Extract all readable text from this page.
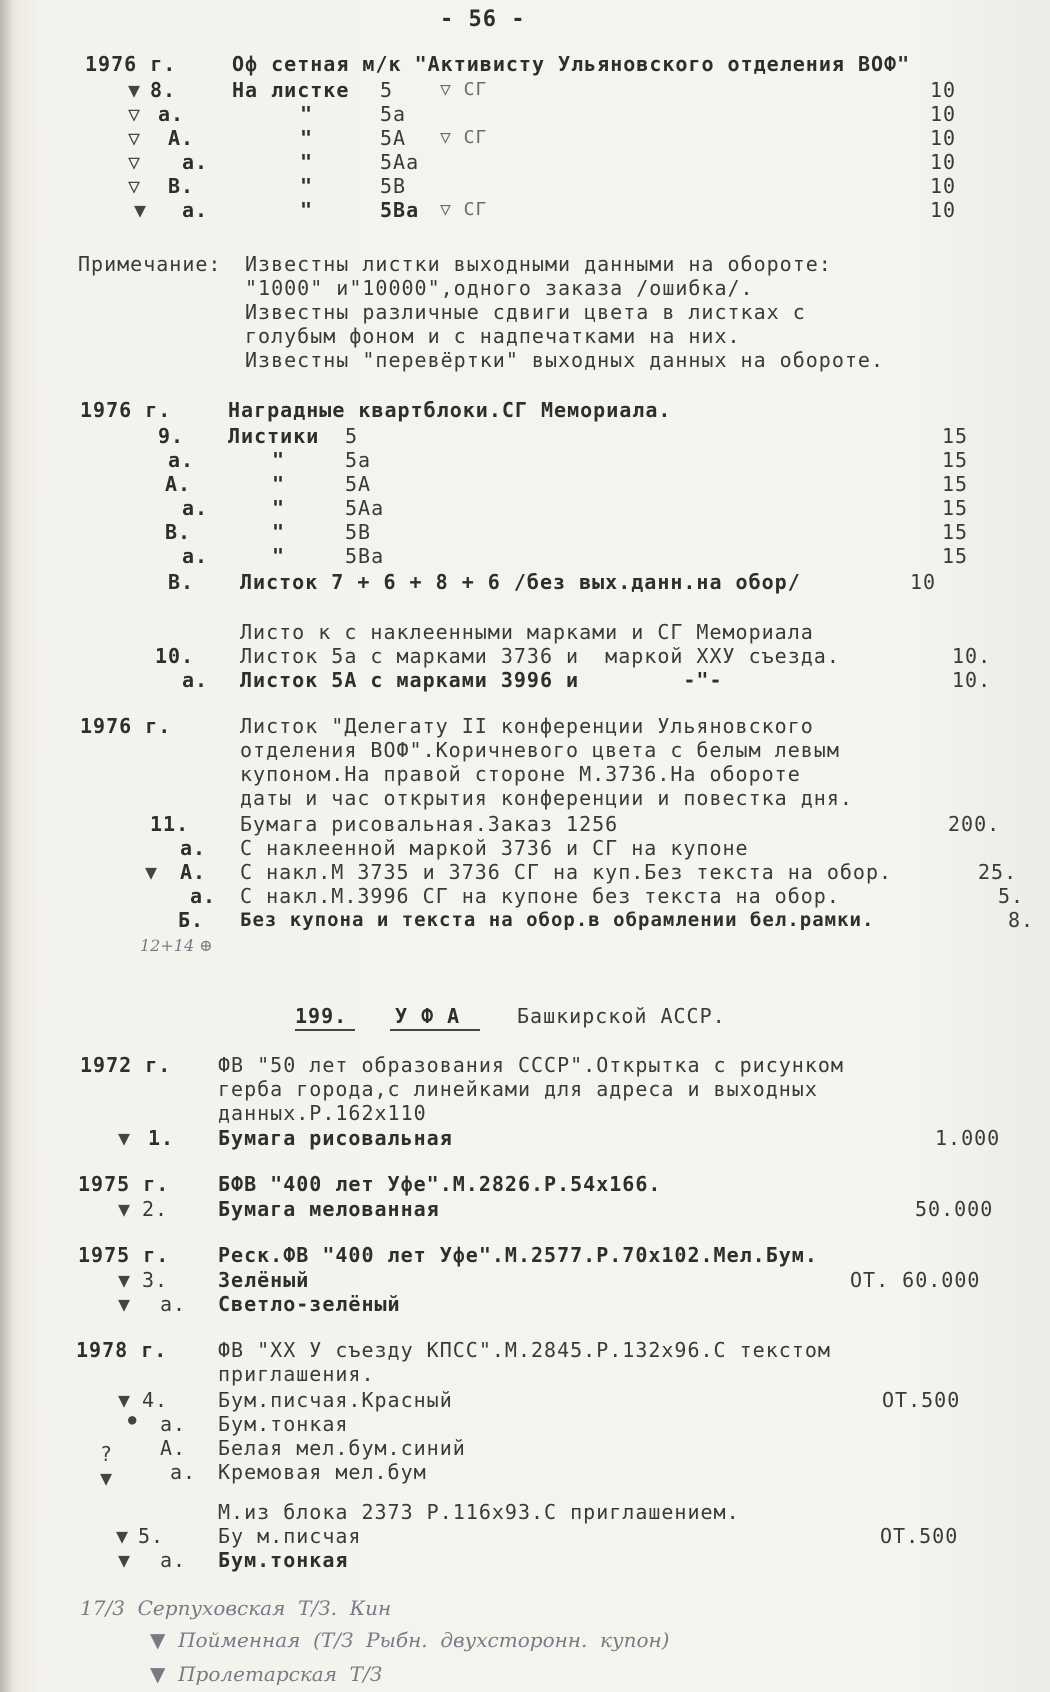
- 56 -
1976 г.	Оф сетная м/к "Активисту Ульяновского отделения ВОФ"
▼ 8.	На листке 5	▽ СГ	10
▽ а.	"	5а	10
▽ А.	"	5А ▽ СГ	10
▽ а.	"	5Аа	10
▽ В.	"	5В	10
▼ а.	"	5Ва ▽ СГ	10
Примечание: Известны листки выходными данными на обороте:
"1000" и"10000",одного заказа /ошибка/.
Известны различные сдвиги цвета в листках с
голубым фоном и с надпечатками на них.
Известны "перевёртки" выходных данных на обороте.
1976 г.	Наградные квартблоки.СГ Мемориала.
9. Листики 5	15
а.	"	5а	15
А.	"	5А	15
а.	"	5Аа	15
В.	"	5В	15
а.	"	5Ва	15
В. Листок 7 + 6 + 8 + 6 /без вых.данн.на обор/	10
Листо к с наклеенными марками и СГ Мемориала
10. Листок 5а с марками 3736 и  маркой XXУ съезда.	10.
а. Листок 5А с марками 3996 и        -"-	10.
1976 г.	Листок "Делегату II конференции Ульяновского
отделения ВОФ".Коричневого цвета с белым левым
купоном.На правой стороне М.3736.На обороте
даты и час открытия конференции и повестка дня.
11.	Бумага рисовальная.Заказ 1256	200.
а. С наклеенной маркой 3736 и СГ на купоне
▼ А. С накл.М 3735 и 3736 СГ на куп.Без текста на обор.	25.
а. С накл.М.3996 СГ на купоне без текста на обор.	5.
Б. Без купона и текста на обор.в обрамлении бел.рамки.	8.
12+14 ⊕
199. У Ф А	Башкирской АССР.
1972 г. ФВ "50 лет образования СССР".Открытка с рисунком
герба города,с линейками для адреса и выходных
данных.Р.162х110
▼ 1. Бумага рисовальная	1.000
1975 г. БФВ "400 лет Уфе".М.2826.Р.54х166.
▼ 2. Бумага мелованная	50.000
1975 г. Реск.ФВ "400 лет Уфе".М.2577.Р.70х102.Мел.Бум.
▼ 3. Зелёный	ОТ. 60.000
▼ а. Светло-зелёный
1978 г.	ФВ "XX У съезду КПСС".М.2845.Р.132х96.С текстом
приглашения.
▼ 4. Бум.писчая.Красный	ОТ.500
● а. Бум.тонкая
? ▼
А. Белая мел.бум.синий
а. Кремовая мел.бум
М.из блока 2373 Р.116х93.С приглашением.
▼ 5.	Бу м.писчая	ОТ.500
▼ а. Бум.тонкая
17/3  Серпуховская  Т/З.  Кин
▼  Пойменная  (Т/З  Рыбн.  двухсторонн.  купон)
▼  Пролетарская  Т/З
